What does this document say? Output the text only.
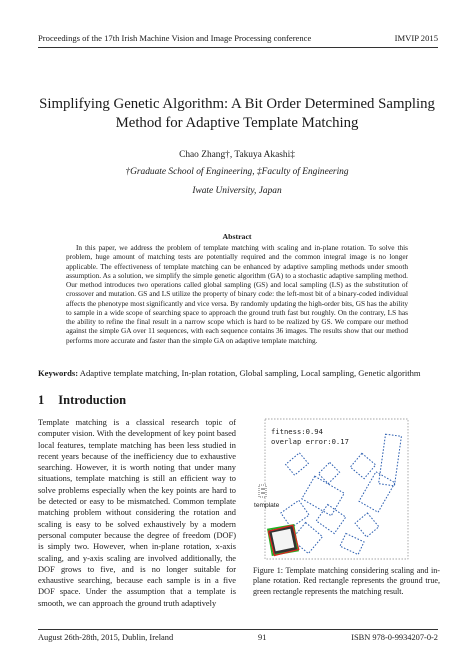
Proceedings of the 17th Irish Machine Vision and Image Processing conference	IMVIP 2015
Simplifying Genetic Algorithm: A Bit Order Determined Sampling
Method for Adaptive Template Matching
Chao Zhang†, Takuya Akashi‡
†Graduate School of Engineering, ‡Faculty of Engineering
Iwate University, Japan
Abstract
In this paper, we address the problem of template matching with scaling and in-plane rotation. To solve this problem, huge amount of matching tests are potentially required and the common integral image is no longer applicable. The effectiveness of template matching can be enhanced by adaptive sampling methods under smooth assumption. As a solution, we simplify the simple genetic algorithm (GA) to a stochastic adaptive sampling method. Our method introduces two operations called global sampling (GS) and local sampling (LS) as the substitution of crossover and mutation. GS and LS utilize the property of binary code: the left-most bit of a binary-coded individual affects the phenotype most significantly and vice versa. By randomly updating the high-order bits, GS has the ability to sample in a wide scope of searching space to approach the ground truth fast but roughly. On the contrary, LS has the ability to refine the final result in a narrow scope which is hard to be realized by GS. We compare our method against the simple GA over 11 sequences, with each sequence contains 36 images. The results show that our method performs more accurate and faster than the simple GA on adaptive template matching.
Keywords: Adaptive template matching, In-plan rotation, Global sampling, Local sampling, Genetic algorithm
1 Introduction
Template matching is a classical research topic of computer vision. With the development of key point based local features, template matching has been less studied in recent years because of the inefficiency due to exhaustive searching. However, it is worth noting that under many situations, template matching is still an efficient way to solve problems especially when the key points are hard to be detected or easy to be mismatched. Common template matching problem without considering the rotation and scaling is easy to be solved exhaustively by a modern personal computer because the degree of freedom (DOF) is simply two. However, when in-plane rotation, x-axis scaling, and y-axis scaling are involved additionally, the DOF grows to five, and is no longer suitable for exhaustive searching, because each sample is in a five DOF space. Under the assumption that a template is smooth, we can approach the ground truth adaptively
fitness:0.94
overlap error:0.17
template
Figure 1: Template matching considering scaling and in-plane rotation. Red rectangle represents the ground true, green rectangle represents the matching result.
August 26th-28th, 2015, Dublin, Ireland	91	ISBN 978-0-9934207-0-2
